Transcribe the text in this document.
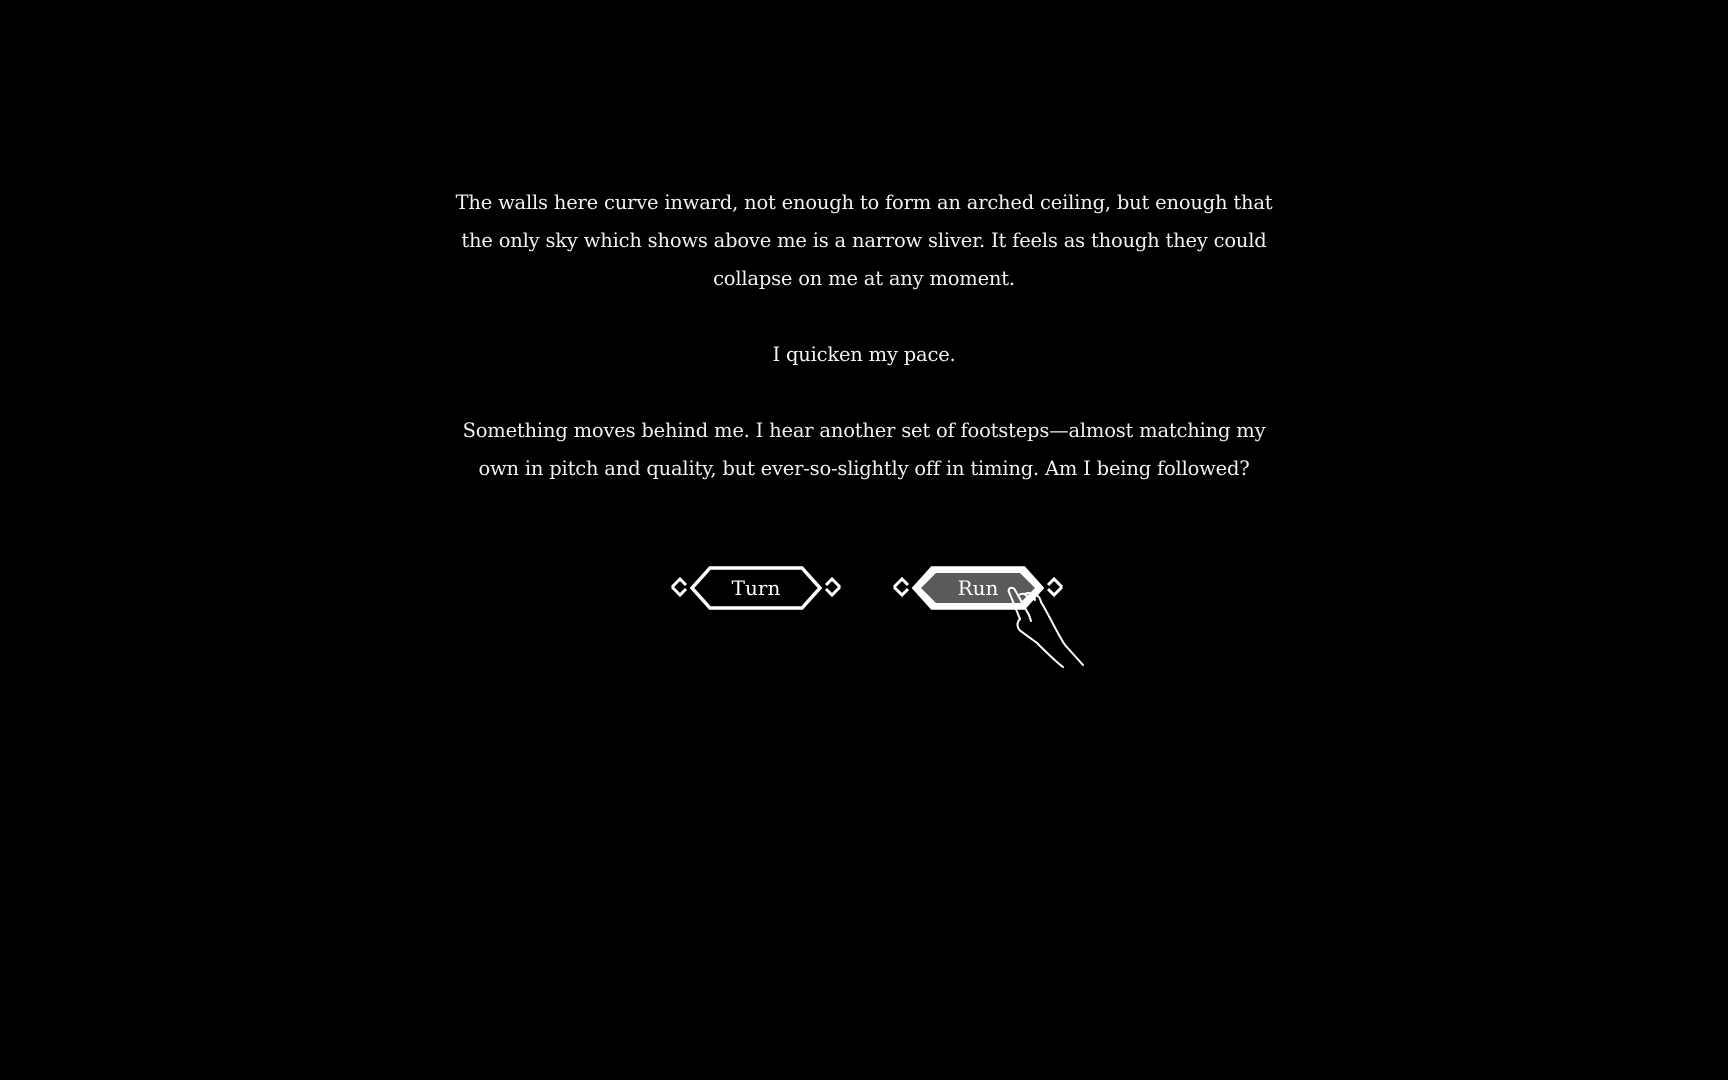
The walls here curve inward, not enough to form an arched ceiling, but enough that the only sky which shows above me is a narrow sliver. It feels as though they could collapse on me at any moment.

I quicken my pace.

Something moves behind me. I hear another set of footsteps—almost matching my own in pitch and quality, but ever-so-slightly off in timing. Am I being followed?

Turn	Run
